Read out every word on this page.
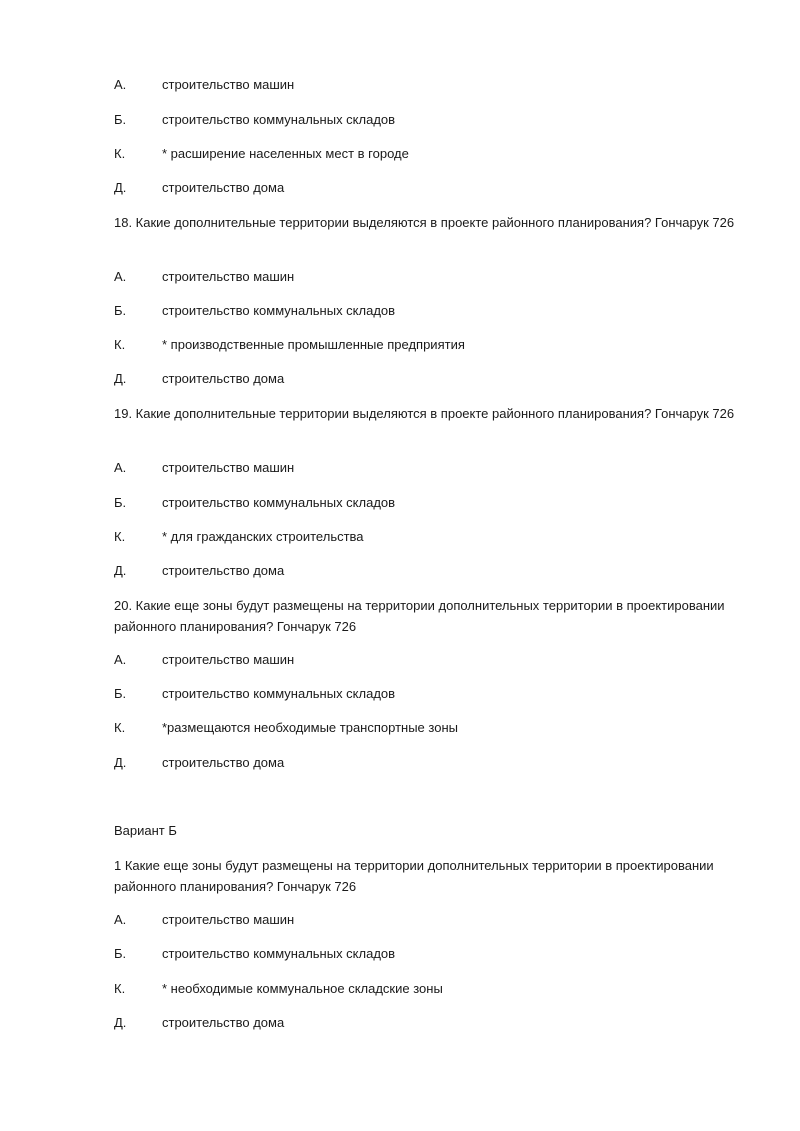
А.	строительство машин
Б.	строительство коммунальных складов
К.	* расширение населенных мест в городе
Д.	строительство дома
18. Какие дополнительные территории выделяются в проекте районного планирования? Гончарук 726
А.	строительство машин
Б.	строительство коммунальных складов
К.	* производственные промышленные предприятия
Д.	строительство дома
19. Какие дополнительные территории выделяются в проекте районного планирования? Гончарук 726
А.	строительство машин
Б.	строительство коммунальных складов
К.	* для гражданских строительства
Д.	строительство дома
20. Какие еще зоны будут размещены на территории дополнительных территории в проектировании районного планирования? Гончарук 726
А.	строительство машин
Б.	строительство коммунальных складов
К.	*размещаются необходимые транспортные зоны
Д.	строительство дома
Вариант Б
1 Какие еще зоны будут размещены на территории дополнительных территории в проектировании районного планирования? Гончарук 726
А.	строительство машин
Б.	строительство коммунальных складов
К.	* необходимые коммунальное складские зоны
Д.	строительство дома
